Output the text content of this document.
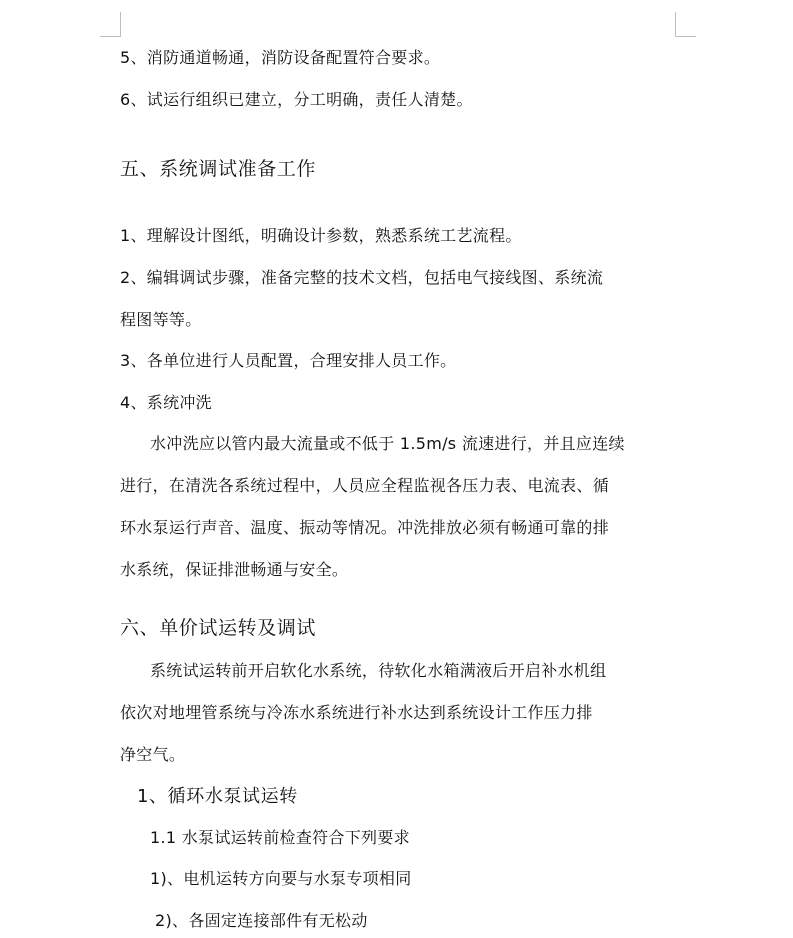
5、消防通道畅通，消防设备配置符合要求。
6、试运行组织已建立，分工明确，责任人清楚。
五、系统调试准备工作
1、理解设计图纸，明确设计参数，熟悉系统工艺流程。
2、编辑调试步骤，准备完整的技术文档，包括电气接线图、系统流
程图等等。
3、各单位进行人员配置，合理安排人员工作。
4、系统冲洗
水冲洗应以管内最大流量或不低于 1.5m/s 流速进行，并且应连续
进行，在清洗各系统过程中，人员应全程监视各压力表、电流表、循
环水泵运行声音、温度、振动等情况。冲洗排放必须有畅通可靠的排
水系统，保证排泄畅通与安全。
六、单价试运转及调试
系统试运转前开启软化水系统，待软化水箱满液后开启补水机组
依次对地埋管系统与冷冻水系统进行补水达到系统设计工作压力排
净空气。
1、循环水泵试运转
1.1 水泵试运转前检查符合下列要求
1)、电机运转方向要与水泵专项相同
2)、各固定连接部件有无松动
